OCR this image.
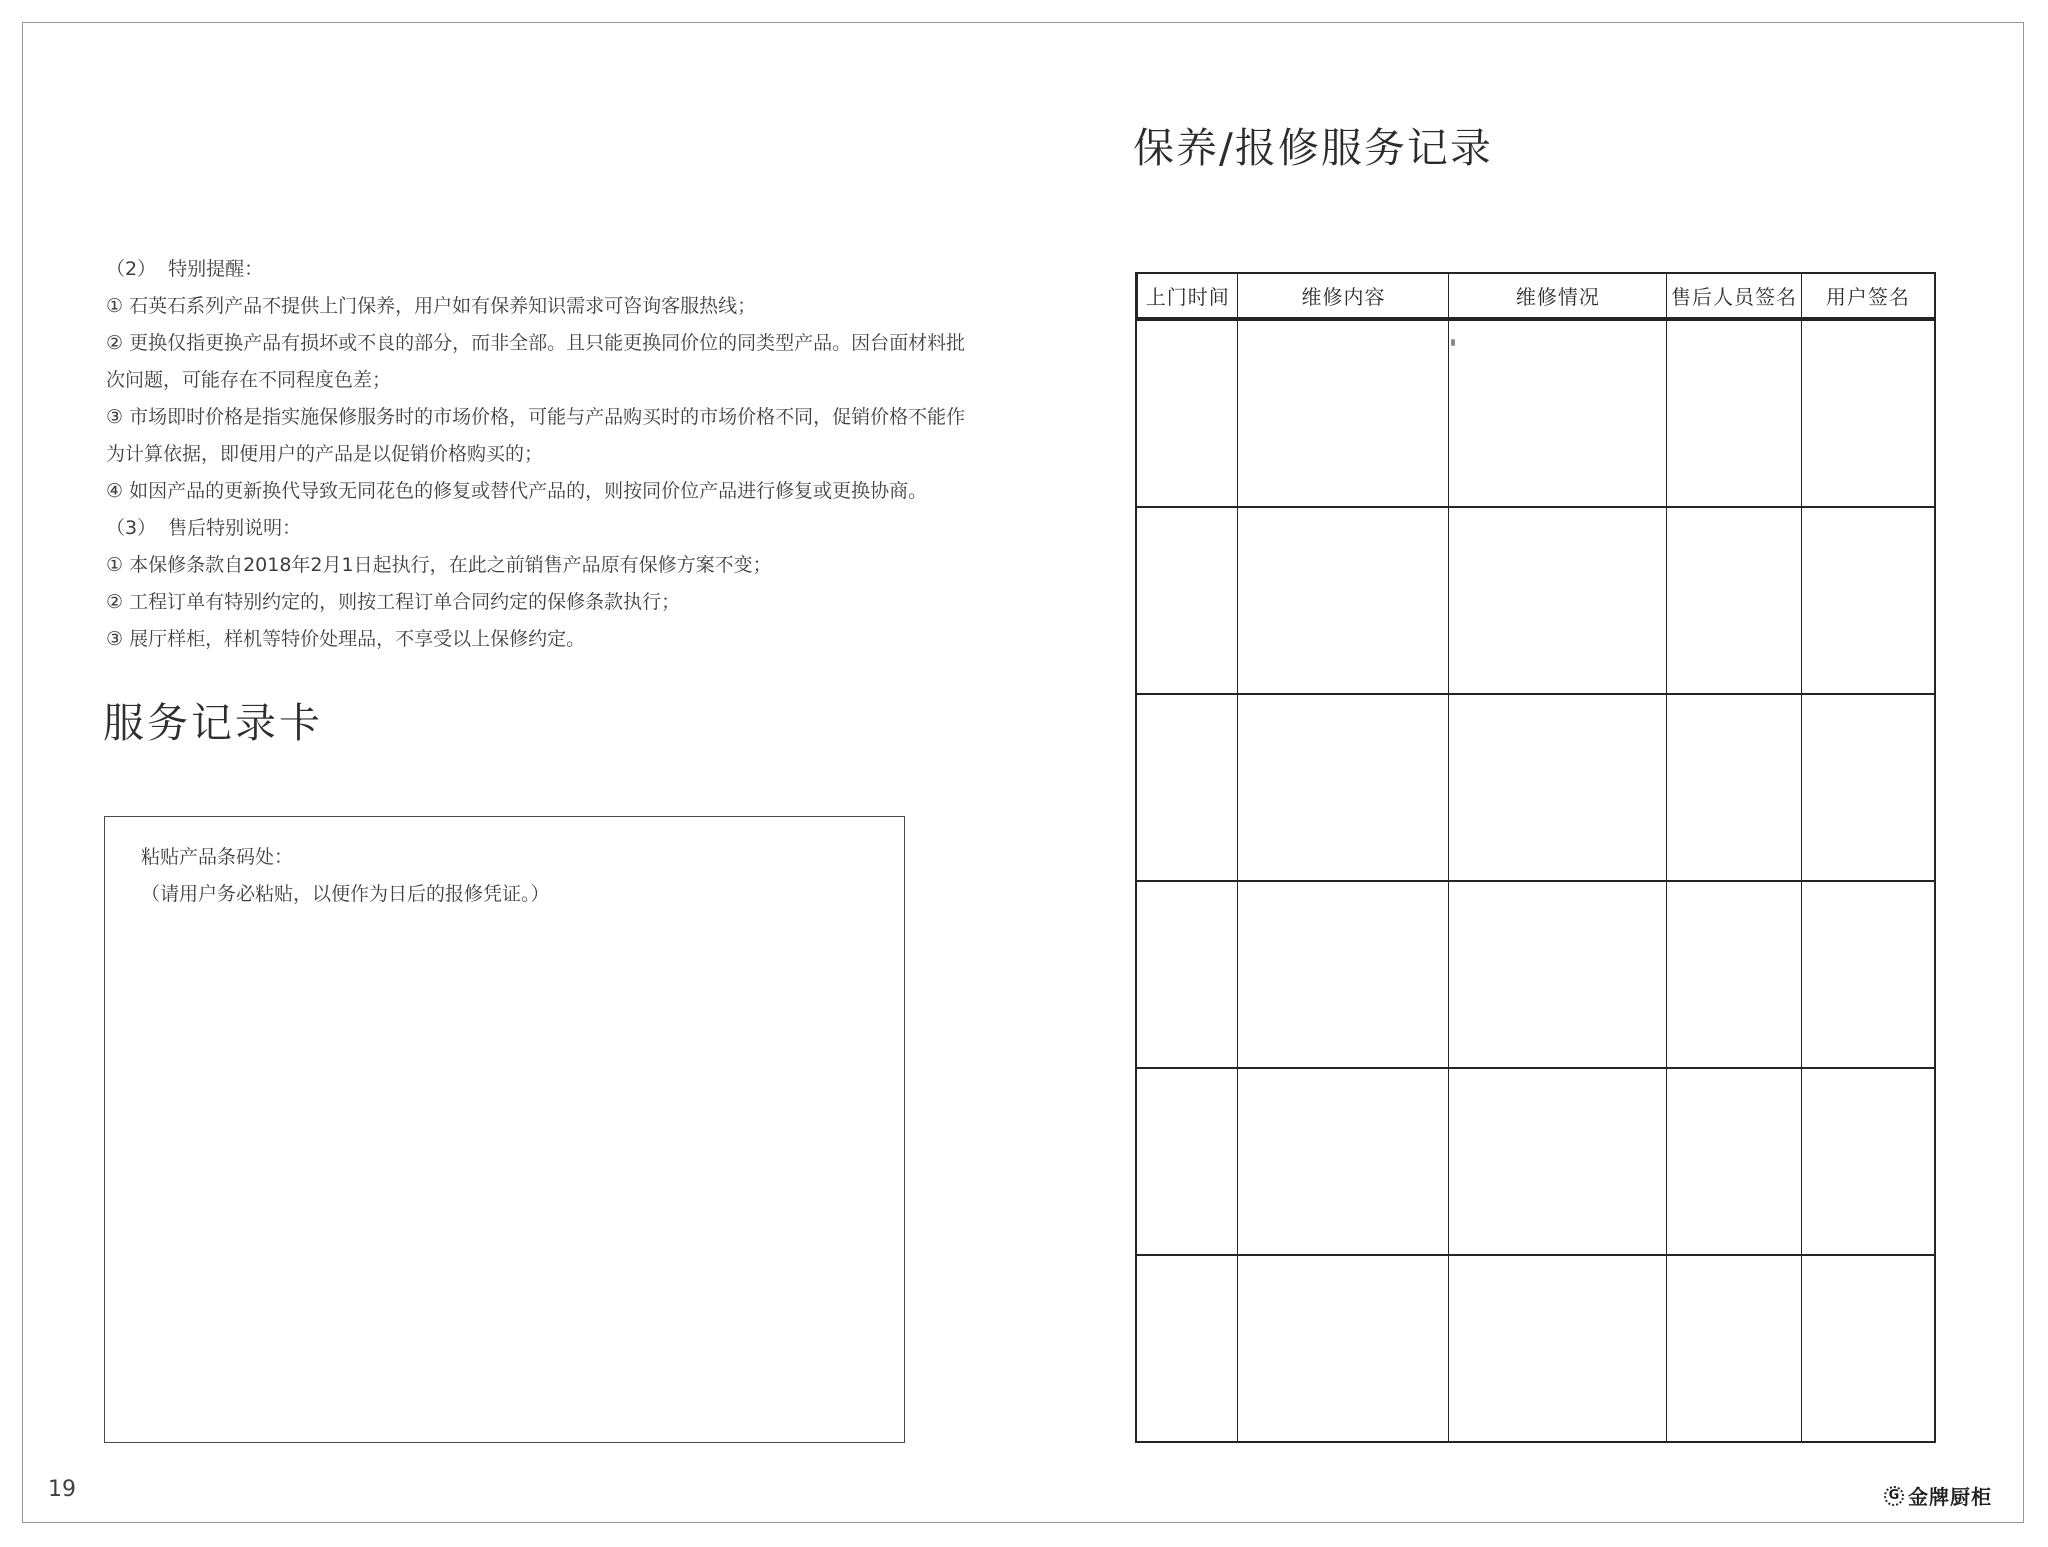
（2）  特别提醒：
① 石英石系列产品不提供上门保养，用户如有保养知识需求可咨询客服热线；
② 更换仅指更换产品有损坏或不良的部分，而非全部。且只能更换同价位的同类型产品。因台面材料批
次问题，可能存在不同程度色差；
③ 市场即时价格是指实施保修服务时的市场价格，可能与产品购买时的市场价格不同，促销价格不能作
为计算依据，即便用户的产品是以促销价格购买的；
④ 如因产品的更新换代导致无同花色的修复或替代产品的，则按同价位产品进行修复或更换协商。
（3）  售后特别说明：
① 本保修条款自2018年2月1日起执行，在此之前销售产品原有保修方案不变；
② 工程订单有特别约定的，则按工程订单合同约定的保修条款执行；
③ 展厅样柜，样机等特价处理品，不享受以上保修约定。
服务记录卡
粘贴产品条码处：
（请用户务必粘贴，以便作为日后的报修凭证。）
保养/报修服务记录
上门时间	维修内容	维修情况	售后人员签名	用户签名
19	G 金牌厨柜
